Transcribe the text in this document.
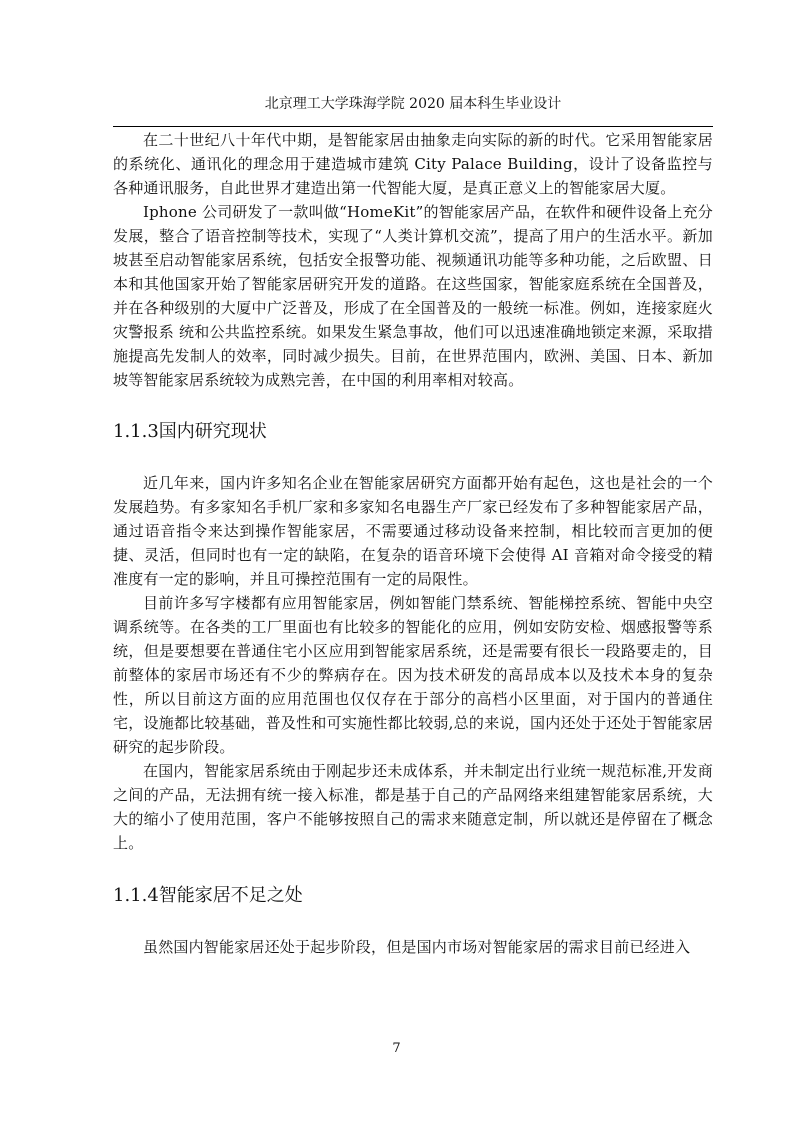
北京理工大学珠海学院 2020 届本科生毕业设计

在二十世纪八十年代中期，是智能家居由抽象走向实际的新的时代。它采用智能家居的系统化、通讯化的理念用于建造城市建筑 City Palace Building，设计了设备监控与各种通讯服务，自此世界才建造出第一代智能大厦，是真正意义上的智能家居大厦。

Iphone 公司研发了一款叫做“HomeKit”的智能家居产品，在软件和硬件设备上充分发展，整合了语音控制等技术，实现了“人类计算机交流”，提高了用户的生活水平。新加坡甚至启动智能家居系统，包括安全报警功能、视频通讯功能等多种功能，之后欧盟、日本和其他国家开始了智能家居研究开发的道路。在这些国家，智能家庭系统在全国普及，并在各种级别的大厦中广泛普及，形成了在全国普及的一般统一标准。例如，连接家庭火灾警报系 统和公共监控系统。如果发生紧急事故，他们可以迅速准确地锁定来源，采取措施提高先发制人的效率，同时减少损失。目前，在世界范围内，欧洲、美国、日本、新加坡等智能家居系统较为成熟完善，在中国的利用率相对较高。

1.1.3国内研究现状

近几年来，国内许多知名企业在智能家居研究方面都开始有起色，这也是社会的一个发展趋势。有多家知名手机厂家和多家知名电器生产厂家已经发布了多种智能家居产品，通过语音指令来达到操作智能家居，不需要通过移动设备来控制，相比较而言更加的便捷、灵活，但同时也有一定的缺陷，在复杂的语音环境下会使得 AI 音箱对命令接受的精准度有一定的影响，并且可操控范围有一定的局限性。

目前许多写字楼都有应用智能家居，例如智能门禁系统、智能梯控系统、智能中央空调系统等。在各类的工厂里面也有比较多的智能化的应用，例如安防安检、烟感报警等系统，但是要想要在普通住宅小区应用到智能家居系统，还是需要有很长一段路要走的，目前整体的家居市场还有不少的弊病存在。因为技术研发的高昂成本以及技术本身的复杂性，所以目前这方面的应用范围也仅仅存在于部分的高档小区里面，对于国内的普通住宅，设施都比较基础，普及性和可实施性都比较弱,总的来说，国内还处于还处于智能家居研究的起步阶段。

在国内，智能家居系统由于刚起步还未成体系，并未制定出行业统一规范标准,开发商之间的产品，无法拥有统一接入标准，都是基于自己的产品网络来组建智能家居系统，大大的缩小了使用范围，客户不能够按照自己的需求来随意定制，所以就还是停留在了概念上。

1.1.4智能家居不足之处

虽然国内智能家居还处于起步阶段，但是国内市场对智能家居的需求目前已经进入

7
